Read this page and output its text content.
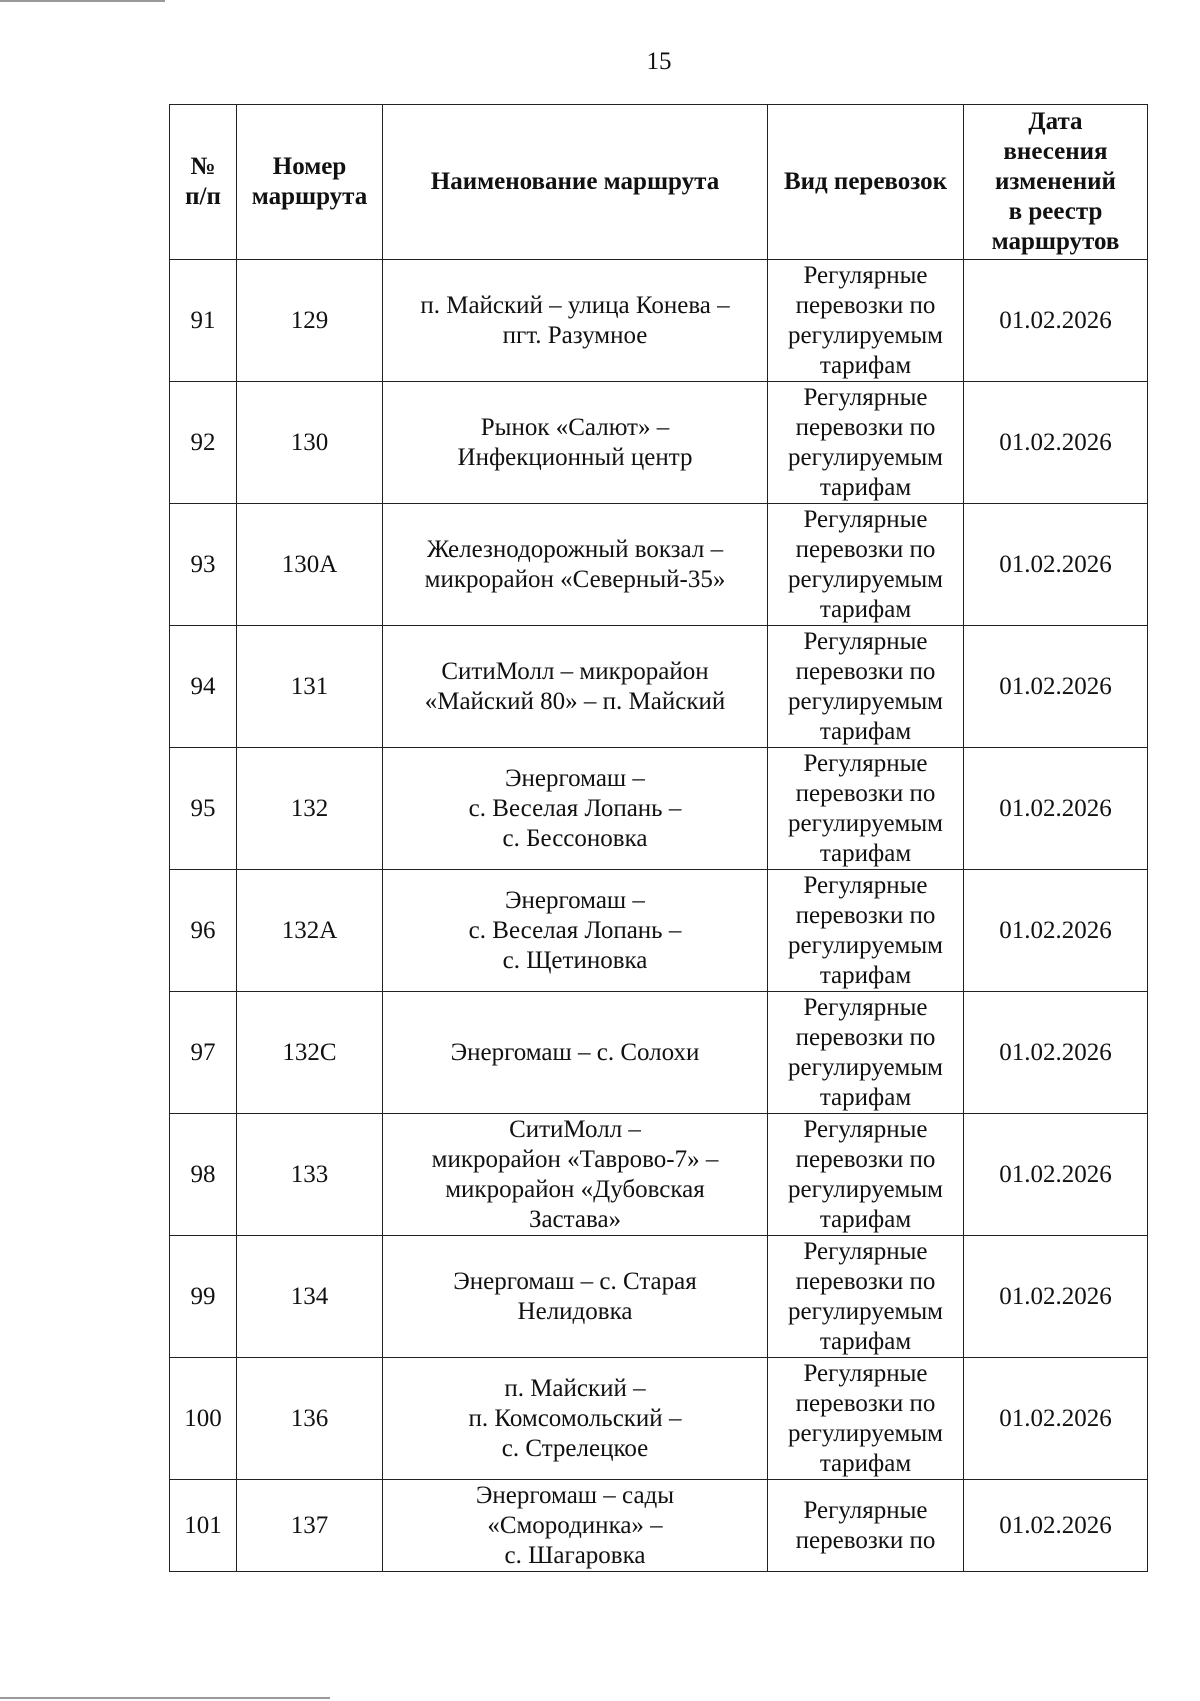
15
№
п/п	Номер
маршрута	Наименование маршрута	Вид перевозок	Дата
внесения
изменений
в реестр
маршрутов
91	129	п. Майский – улица Конева –
пгт. Разумное	Регулярные
перевозки по
регулируемым
тарифам	01.02.2026
92	130	Рынок «Салют» –
Инфекционный центр	Регулярные
перевозки по
регулируемым
тарифам	01.02.2026
93	130А	Железнодорожный вокзал –
микрорайон «Северный-35»	Регулярные
перевозки по
регулируемым
тарифам	01.02.2026
94	131	СитиМолл – микрорайон
«Майский 80» – п. Майский	Регулярные
перевозки по
регулируемым
тарифам	01.02.2026
95	132	Энергомаш –
с. Веселая Лопань –
с. Бессоновка	Регулярные
перевозки по
регулируемым
тарифам	01.02.2026
96	132А	Энергомаш –
с. Веселая Лопань –
с. Щетиновка	Регулярные
перевозки по
регулируемым
тарифам	01.02.2026
97	132С	Энергомаш – с. Солохи	Регулярные
перевозки по
регулируемым
тарифам	01.02.2026
98	133	СитиМолл –
микрорайон «Таврово-7» –
микрорайон «Дубовская
Застава»	Регулярные
перевозки по
регулируемым
тарифам	01.02.2026
99	134	Энергомаш – с. Старая
Нелидовка	Регулярные
перевозки по
регулируемым
тарифам	01.02.2026
100	136	п. Майский –
п. Комсомольский –
с. Стрелецкое	Регулярные
перевозки по
регулируемым
тарифам	01.02.2026
101	137	Энергомаш – сады
«Смородинка» –
с. Шагаровка	Регулярные
перевозки по	01.02.2026
